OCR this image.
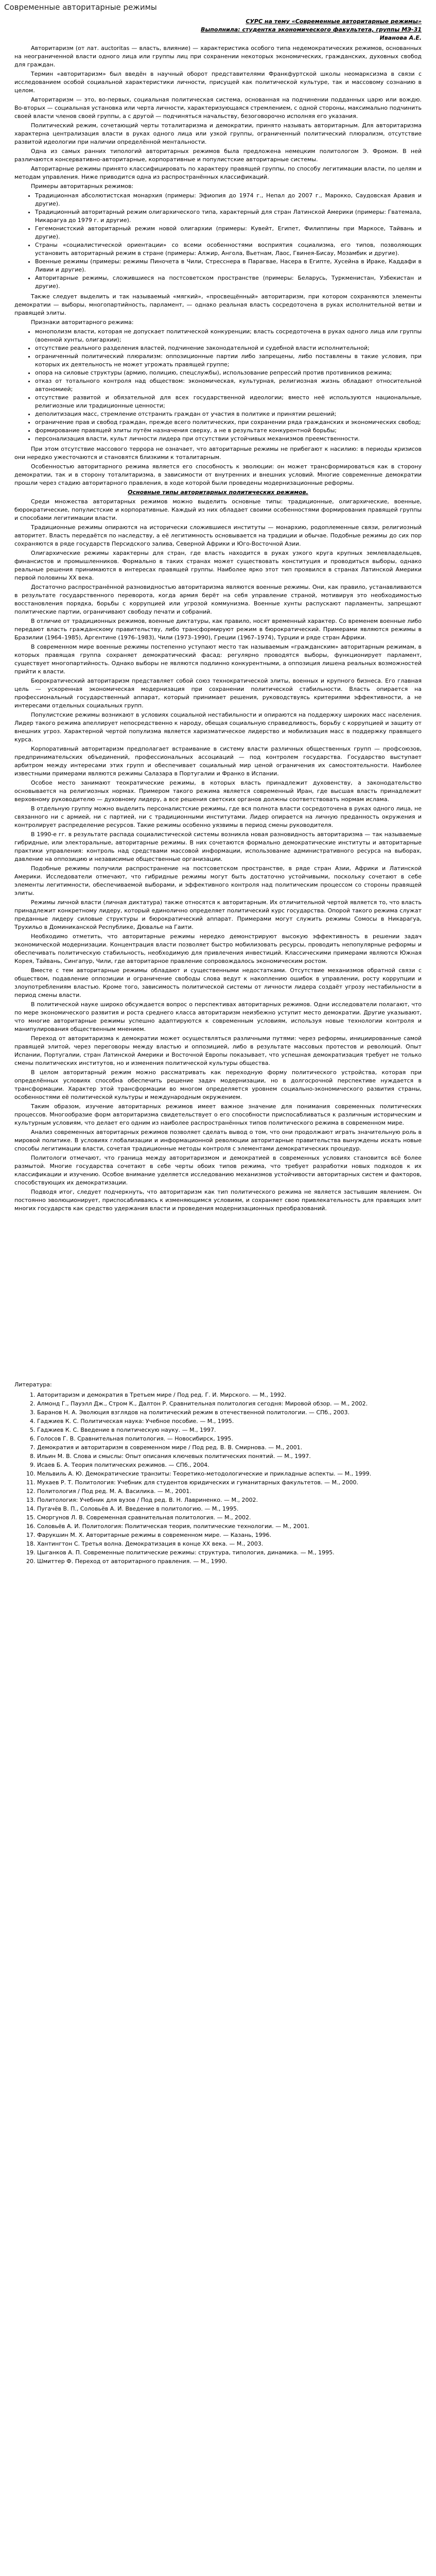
Современные авторитарные режимы

СУРС на тему «Современные авторитарные режимы»

Выполнила: студентка экономического факультета, группы МЭ-31

Иванова А.Е.

Авторитаризм (от лат. auctoritas — власть, влияние) — характеристика особого типа недемократических режимов, основанных на неограниченной власти одного лица или группы лиц при сохранении некоторых экономических, гражданских, духовных свобод для граждан.

Термин «авторитаризм» был введён в научный оборот представителями Франкфуртской школы неомарксизма в связи с исследованием особой социальной характеристики личности, присущей как политической культуре, так и массовому сознанию в целом.

Авторитаризм — это, во-первых, социальная политическая система, основанная на подчинении подданных царю или вождю. Во-вторых — социальная установка или черта личности, характеризующаяся стремлением, с одной стороны, максимально подчинить своей власти членов своей группы, а с другой — подчиняться начальству, безоговорочно исполняя его указания.

Политический режим, сочетающий черты тоталитаризма и демократии, принято называть авторитарным. Для авторитаризма характерна централизация власти в руках одного лица или узкой группы, ограниченный политический плюрализм, отсутствие развитой идеологии при наличии определённой ментальности.

Одна из самых ранних типологий авторитарных режимов была предложена немецким политологом Э. Фромом. В ней различаются консервативно-авторитарные, корпоративные и популистские авторитарные системы.

Авторитарные режимы принято классифицировать по характеру правящей группы, по способу легитимации власти, по целям и методам управления. Ниже приводится одна из распространённых классификаций.

Примеры авторитарных режимов:

• Традиционная абсолютистская монархия (примеры: Эфиопия до 1974 г., Непал до 2007 г., Марокко, Саудовская Аравия и другие).
• Традиционный авторитарный режим олигархического типа, характерный для стран Латинской Америки (примеры: Гватемала, Никарагуа до 1979 г. и другие).
• Гегемонистский авторитарный режим новой олигархии (примеры: Кувейт, Египет, Филиппины при Маркосе, Тайвань и другие).
• Страны «социалистической ориентации» со всеми особенностями восприятия социализма, его типов, позволяющих установить авторитарный режим в стране (примеры: Алжир, Ангола, Вьетнам, Лаос, Гвинея-Бисау, Мозамбик и другие).
• Военные режимы (примеры: режимы Пиночета в Чили, Стресснера в Парагвае, Насера в Египте, Хусейна в Ираке, Каддафи в Ливии и другие).
• Авторитарные режимы, сложившиеся на постсоветском пространстве (примеры: Беларусь, Туркменистан, Узбекистан и другие).

Также следует выделить и так называемый «мягкий», «просвещённый» авторитаризм, при котором сохраняются элементы демократии — выборы, многопартийность, парламент, — однако реальная власть сосредоточена в руках исполнительной ветви и правящей элиты.

Признаки авторитарного режима:

• монополизм власти, которая не допускает политической конкуренции; власть сосредоточена в руках одного лица или группы (военной хунты, олигархии);
• отсутствие реального разделения властей, подчинение законодательной и судебной власти исполнительной;
• ограниченный политический плюрализм: оппозиционные партии либо запрещены, либо поставлены в такие условия, при которых их деятельность не может угрожать правящей группе;
• опора на силовые структуры (армию, полицию, спецслужбы), использование репрессий против противников режима;
• отказ от тотального контроля над обществом: экономическая, культурная, религиозная жизнь обладают относительной автономией;
• отсутствие развитой и обязательной для всех государственной идеологии; вместо неё используются национальные, религиозные или традиционные ценности;
• деполитизация масс, стремление отстранить граждан от участия в политике и принятии решений;
• ограничение прав и свобод граждан, прежде всего политических, при сохранении ряда гражданских и экономических свобод;
• формирование правящей элиты путём назначения сверху, а не в результате конкурентной борьбы;
• персонализация власти, культ личности лидера при отсутствии устойчивых механизмов преемственности.

При этом отсутствие массового террора не означает, что авторитарные режимы не прибегают к насилию: в периоды кризисов они нередко ужесточаются и становятся близкими к тоталитарным.

Особенностью авторитарного режима является его способность к эволюции: он может трансформироваться как в сторону демократии, так и в сторону тоталитаризма, в зависимости от внутренних и внешних условий. Многие современные демократии прошли через стадию авторитарного правления, в ходе которой были проведены модернизационные реформы.

Основные типы авторитарных политических режимов.

Среди множества авторитарных режимов можно выделить основные типы: традиционные, олигархические, военные, бюрократические, популистские и корпоративные. Каждый из них обладает своими особенностями формирования правящей группы и способами легитимации власти.

Традиционные режимы опираются на исторически сложившиеся институты — монархию, родоплеменные связи, религиозный авторитет. Власть передаётся по наследству, а её легитимность основывается на традиции и обычае. Подобные режимы до сих пор сохраняются в ряде государств Персидского залива, Северной Африки и Юго-Восточной Азии.

Олигархические режимы характерны для стран, где власть находится в руках узкого круга крупных землевладельцев, финансистов и промышленников. Формально в таких странах может существовать конституция и проводиться выборы, однако реальные решения принимаются в интересах правящей группы. Наиболее ярко этот тип проявился в странах Латинской Америки первой половины XX века.

Достаточно распространённой разновидностью авторитаризма являются военные режимы. Они, как правило, устанавливаются в результате государственного переворота, когда армия берёт на себя управление страной, мотивируя это необходимостью восстановления порядка, борьбы с коррупцией или угрозой коммунизма. Военные хунты распускают парламенты, запрещают политические партии, ограничивают свободу печати и собраний.

В отличие от традиционных режимов, военные диктатуры, как правило, носят временный характер. Со временем военные либо передают власть гражданскому правительству, либо трансформируют режим в бюрократический. Примерами являются режимы в Бразилии (1964–1985), Аргентине (1976–1983), Чили (1973–1990), Греции (1967–1974), Турции и ряде стран Африки.

В современном мире военные режимы постепенно уступают место так называемым «гражданским» авторитарным режимам, в которых правящая группа сохраняет демократический фасад: регулярно проводятся выборы, функционирует парламент, существует многопартийность. Однако выборы не являются подлинно конкурентными, а оппозиция лишена реальных возможностей прийти к власти.

Бюрократический авторитаризм представляет собой союз технократической элиты, военных и крупного бизнеса. Его главная цель — ускоренная экономическая модернизация при сохранении политической стабильности. Власть опирается на профессиональный государственный аппарат, который принимает решения, руководствуясь критериями эффективности, а не интересами отдельных социальных групп.

Популистские режимы возникают в условиях социальной нестабильности и опираются на поддержку широких масс населения. Лидер такого режима апеллирует непосредственно к народу, обещая социальную справедливость, борьбу с коррупцией и защиту от внешних угроз. Характерной чертой популизма является харизматическое лидерство и мобилизация масс в поддержку правящего курса.

Корпоративный авторитаризм предполагает встраивание в систему власти различных общественных групп — профсоюзов, предпринимательских объединений, профессиональных ассоциаций — под контролем государства. Государство выступает арбитром между интересами этих групп и обеспечивает социальный мир ценой ограничения их самостоятельности. Наиболее известными примерами являются режимы Салазара в Португалии и Франко в Испании.

Особое место занимают теократические режимы, в которых власть принадлежит духовенству, а законодательство основывается на религиозных нормах. Примером такого режима является современный Иран, где высшая власть принадлежит верховному руководителю — духовному лидеру, а все решения светских органов должны соответствовать нормам ислама.

В отдельную группу можно выделить персоналистские режимы, где вся полнота власти сосредоточена в руках одного лица, не связанного ни с армией, ни с партией, ни с традиционными институтами. Лидер опирается на личную преданность окружения и контролирует распределение ресурсов. Такие режимы особенно уязвимы в период смены руководителя.

В 1990-е гг. в результате распада социалистической системы возникла новая разновидность авторитаризма — так называемые гибридные, или электоральные, авторитарные режимы. В них сочетаются формально демократические институты и авторитарные практики управления: контроль над средствами массовой информации, использование административного ресурса на выборах, давление на оппозицию и независимые общественные организации.

Подобные режимы получили распространение на постсоветском пространстве, в ряде стран Азии, Африки и Латинской Америки. Исследователи отмечают, что гибридные режимы могут быть достаточно устойчивыми, поскольку сочетают в себе элементы легитимности, обеспечиваемой выборами, и эффективного контроля над политическим процессом со стороны правящей элиты.

Режимы личной власти (личная диктатура) также относятся к авторитарным. Их отличительной чертой является то, что власть принадлежит конкретному лидеру, который единолично определяет политический курс государства. Опорой такого режима служат преданные лидеру силовые структуры и бюрократический аппарат. Примерами могут служить режимы Сомосы в Никарагуа, Трухильо в Доминиканской Республике, Дювалье на Гаити.

Необходимо отметить, что авторитарные режимы нередко демонстрируют высокую эффективность в решении задач экономической модернизации. Концентрация власти позволяет быстро мобилизовать ресурсы, проводить непопулярные реформы и обеспечивать политическую стабильность, необходимую для привлечения инвестиций. Классическими примерами являются Южная Корея, Тайвань, Сингапур, Чили, где авторитарное правление сопровождалось экономическим ростом.

Вместе с тем авторитарные режимы обладают и существенными недостатками. Отсутствие механизмов обратной связи с обществом, подавление оппозиции и ограничение свободы слова ведут к накоплению ошибок в управлении, росту коррупции и злоупотреблениям властью. Кроме того, зависимость политической системы от личности лидера создаёт угрозу нестабильности в период смены власти.

В политической науке широко обсуждается вопрос о перспективах авторитарных режимов. Одни исследователи полагают, что по мере экономического развития и роста среднего класса авторитаризм неизбежно уступит место демократии. Другие указывают, что многие авторитарные режимы успешно адаптируются к современным условиям, используя новые технологии контроля и манипулирования общественным мнением.

Переход от авторитаризма к демократии может осуществляться различными путями: через реформы, инициированные самой правящей элитой, через переговоры между властью и оппозицией, либо в результате массовых протестов и революций. Опыт Испании, Португалии, стран Латинской Америки и Восточной Европы показывает, что успешная демократизация требует не только смены политических институтов, но и изменения политической культуры общества.

В целом авторитарный режим можно рассматривать как переходную форму политического устройства, которая при определённых условиях способна обеспечить решение задач модернизации, но в долгосрочной перспективе нуждается в трансформации. Характер этой трансформации во многом определяется уровнем социально-экономического развития страны, особенностями её политической культуры и международным окружением.

Таким образом, изучение авторитарных режимов имеет важное значение для понимания современных политических процессов. Многообразие форм авторитаризма свидетельствует о его способности приспосабливаться к различным историческим и культурным условиям, что делает его одним из наиболее распространённых типов политического режима в современном мире.

Анализ современных авторитарных режимов позволяет сделать вывод о том, что они продолжают играть значительную роль в мировой политике. В условиях глобализации и информационной революции авторитарные правительства вынуждены искать новые способы легитимации власти, сочетая традиционные методы контроля с элементами демократических процедур.

Политологи отмечают, что граница между авторитаризмом и демократией в современных условиях становится всё более размытой. Многие государства сочетают в себе черты обоих типов режима, что требует разработки новых подходов к их классификации и изучению. Особое внимание уделяется исследованию механизмов устойчивости авторитарных систем и факторов, способствующих их демократизации.

Подводя итог, следует подчеркнуть, что авторитаризм как тип политического режима не является застывшим явлением. Он постоянно эволюционирует, приспосабливаясь к изменяющимся условиям, и сохраняет свою привлекательность для правящих элит многих государств как средство удержания власти и проведения модернизационных преобразований.

Литература:

1. Авторитаризм и демократия в Третьем мире / Под ред. Г. И. Мирского. — М., 1992.
2. Алмонд Г., Пауэлл Дж., Стром К., Далтон Р. Сравнительная политология сегодня: Мировой обзор. — М., 2002.
3. Баранов Н. А. Эволюция взглядов на политический режим в отечественной политологии. — СПб., 2003.
4. Гаджиев К. С. Политическая наука: Учебное пособие. — М., 1995.
5. Гаджиев К. С. Введение в политическую науку. — М., 1997.
6. Голосов Г. В. Сравнительная политология. — Новосибирск, 1995.
7. Демократия и авторитаризм в современном мире / Под ред. В. В. Смирнова. — М., 2001.
8. Ильин М. В. Слова и смыслы: Опыт описания ключевых политических понятий. — М., 1997.
9. Исаев Б. А. Теория политических режимов. — СПб., 2004.
10. Мельвиль А. Ю. Демократические транзиты: Теоретико-методологические и прикладные аспекты. — М., 1999.
11. Мухаев Р. Т. Политология: Учебник для студентов юридических и гуманитарных факультетов. — М., 2000.
12. Политология / Под ред. М. А. Василика. — М., 2001.
13. Политология: Учебник для вузов / Под ред. В. Н. Лавриненко. — М., 2002.
14. Пугачёв В. П., Соловьёв А. И. Введение в политологию. — М., 1995.
15. Сморгунов Л. В. Современная сравнительная политология. — М., 2002.
16. Соловьёв А. И. Политология: Политическая теория, политические технологии. — М., 2001.
17. Фарукшин М. Х. Авторитарные режимы в современном мире. — Казань, 1996.
18. Хантингтон С. Третья волна. Демократизация в конце XX века. — М., 2003.
19. Цыганков А. П. Современные политические режимы: структура, типология, динамика. — М., 1995.
20. Шмиттер Ф. Переход от авторитарного правления. — М., 1990.
